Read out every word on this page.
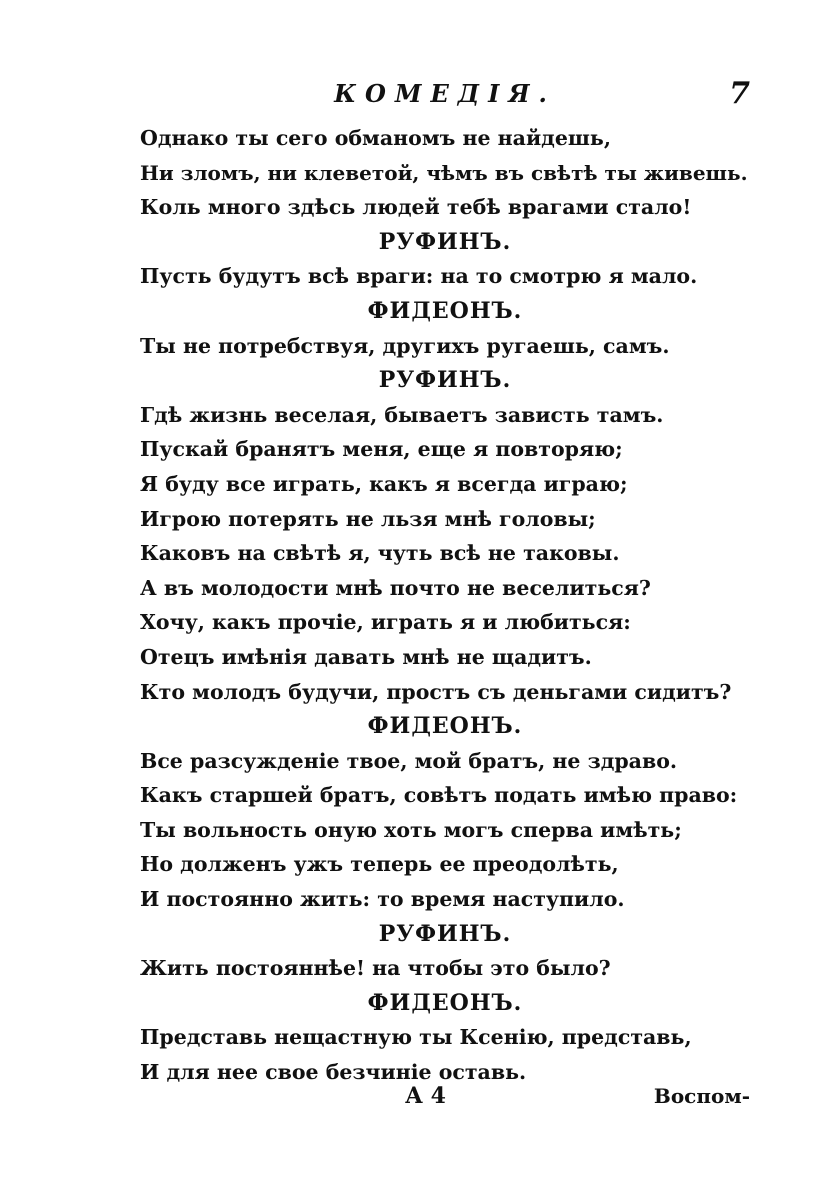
КОМЕДІЯ.	7
Однако ты сего обманомъ не найдешь,
Ни зломъ, ни клеветой, чѣмъ въ свѣтѣ ты живешь.
Коль много здѣсь людей тебѣ врагами стало!
РУФИНЪ.
Пусть будутъ всѣ враги: на то смотрю я мало.
ФИДЕОНЪ.
Ты не потребствуя, другихъ ругаешь, самъ.
РУФИНЪ.
Гдѣ жизнь веселая, бываетъ зависть тамъ.
Пускай бранятъ меня, еще я повторяю;
Я буду все играть, какъ я всегда играю;
Игрою потерять не льзя мнѣ головы;
Каковъ на свѣтѣ я, чуть всѣ не таковы.
А въ молодости мнѣ почто не веселиться?
Хочу, какъ прочіе, играть я и любиться:
Отецъ имѣнія давать мнѣ не щадитъ.
Кто молодъ будучи, простъ съ деньгами сидитъ?
ФИДЕОНЪ.
Все разсужденіе твое, мой братъ, не здраво.
Какъ старшей братъ, совѣтъ подать имѣю право:
Ты вольность оную хоть могъ сперва имѣть;
Но долженъ ужъ теперь ее преодолѣть,
И постоянно жить: то время наступило.
РУФИНЪ.
Жить постояннѣе! на чтобы это было?
ФИДЕОНЪ.
Представь нещастную ты Ксенію, представь,
И для нее свое безчиніе оставь.
А 4	Воспом-
